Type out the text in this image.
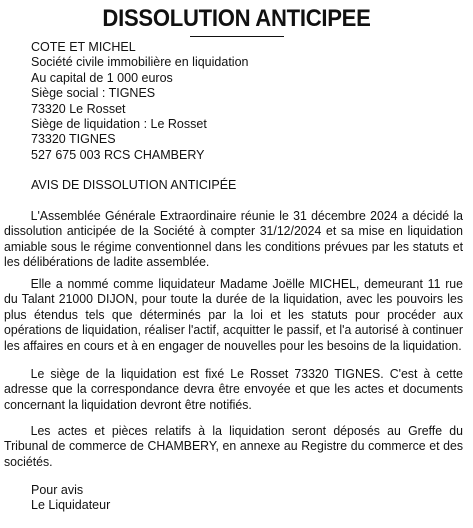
DISSOLUTION ANTICIPEE
COTE ET MICHEL
Société civile immobilière en liquidation
Au capital de 1 000 euros
Siège social : TIGNES
73320 Le Rosset
Siège de liquidation : Le Rosset
73320 TIGNES
527 675 003 RCS CHAMBERY
AVIS DE DISSOLUTION ANTICIPÉE
L'Assemblée Générale Extraordinaire réunie le 31 décembre 2024 a décidé la dissolution anticipée de la Société à compter 31/12/2024 et sa mise en liquidation amiable sous le régime conventionnel dans les conditions prévues par les statuts et les délibérations de ladite assemblée.
Elle a nommé comme liquidateur Madame Joëlle MICHEL, demeurant 11 rue du Talant 21000 DIJON, pour toute la durée de la liquidation, avec les pouvoirs les plus étendus tels que déterminés par la loi et les statuts pour procéder aux opérations de liquidation, réaliser l'actif, acquitter le passif, et l'a autorisé à continuer les affaires en cours et à en engager de nouvelles pour les besoins de la liquidation.
Le siège de la liquidation est fixé Le Rosset 73320 TIGNES. C'est à cette adresse que la correspondance devra être envoyée et que les actes et documents concernant la liquidation devront être notifiés.
Les actes et pièces relatifs à la liquidation seront déposés au Greffe du Tribunal de commerce de CHAMBERY, en annexe au Registre du commerce et des sociétés.
Pour avis
Le Liquidateur
